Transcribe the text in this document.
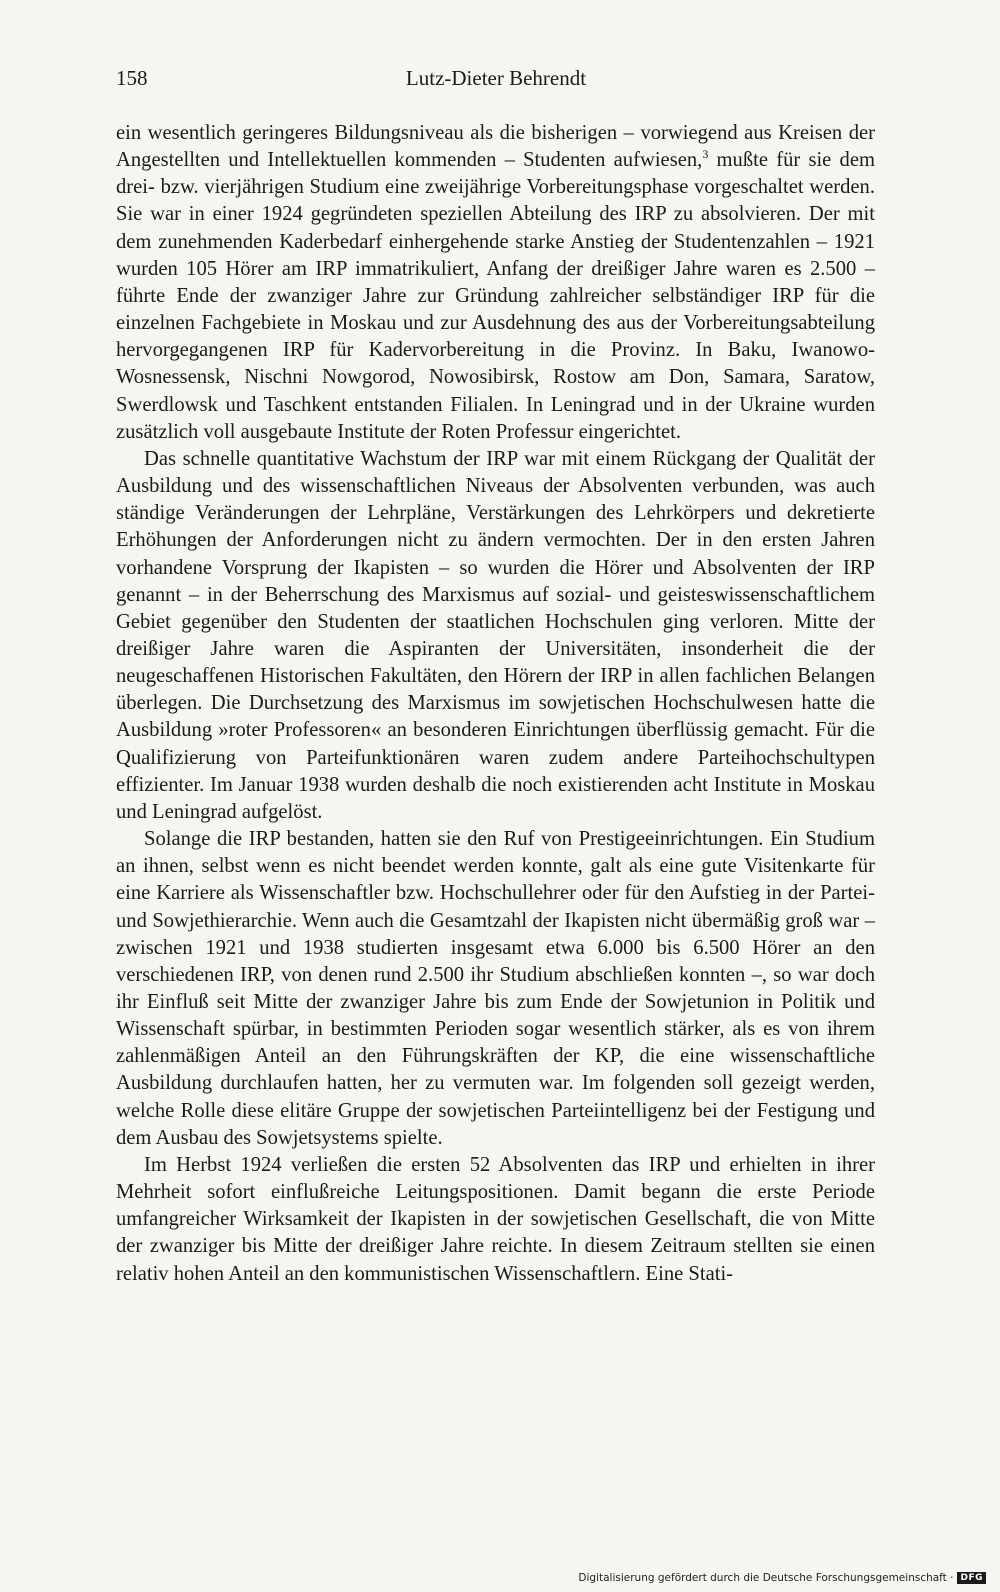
158	Lutz-Dieter Behrendt

ein wesentlich geringeres Bildungsniveau als die bisherigen – vorwiegend aus Kreisen der Angestellten und Intellektuellen kommenden – Studenten aufwiesen,$^3$ mußte für sie dem drei- bzw. vierjährigen Studium eine zweijährige Vorbereitungsphase vorgeschaltet werden. Sie war in einer 1924 gegründeten speziellen Abteilung des IRP zu absolvieren. Der mit dem zunehmenden Kaderbedarf einhergehende starke Anstieg der Studentenzahlen – 1921 wurden 105 Hörer am IRP immatrikuliert, Anfang der dreißiger Jahre waren es 2.500 – führte Ende der zwanziger Jahre zur Gründung zahlreicher selbständiger IRP für die einzelnen Fachgebiete in Moskau und zur Ausdehnung des aus der Vorbereitungsabteilung hervorgegangenen IRP für Kadervorbereitung in die Provinz. In Baku, Iwanowo-Wosnessensk, Nischni Nowgorod, Nowosibirsk, Rostow am Don, Samara, Saratow, Swerdlowsk und Taschkent entstanden Filialen. In Leningrad und in der Ukraine wurden zusätzlich voll ausgebaute Institute der Roten Professur eingerichtet.

Das schnelle quantitative Wachstum der IRP war mit einem Rückgang der Qualität der Ausbildung und des wissenschaftlichen Niveaus der Absolventen verbunden, was auch ständige Veränderungen der Lehrpläne, Verstärkungen des Lehrkörpers und dekretierte Erhöhungen der Anforderungen nicht zu ändern vermochten. Der in den ersten Jahren vorhandene Vorsprung der Ikapisten – so wurden die Hörer und Absolventen der IRP genannt – in der Beherrschung des Marxismus auf sozial- und geisteswissenschaftlichem Gebiet gegenüber den Studenten der staatlichen Hochschulen ging verloren. Mitte der dreißiger Jahre waren die Aspiranten der Universitäten, insonderheit die der neugeschaffenen Historischen Fakultäten, den Hörern der IRP in allen fachlichen Belangen überlegen. Die Durchsetzung des Marxismus im sowjetischen Hochschulwesen hatte die Ausbildung »roter Professoren« an besonderen Einrichtungen überflüssig gemacht. Für die Qualifizierung von Parteifunktionären waren zudem andere Parteihochschultypen effizienter. Im Januar 1938 wurden deshalb die noch existierenden acht Institute in Moskau und Leningrad aufgelöst.

Solange die IRP bestanden, hatten sie den Ruf von Prestigeeinrichtungen. Ein Studium an ihnen, selbst wenn es nicht beendet werden konnte, galt als eine gute Visitenkarte für eine Karriere als Wissenschaftler bzw. Hochschullehrer oder für den Aufstieg in der Partei- und Sowjethierarchie. Wenn auch die Gesamtzahl der Ikapisten nicht übermäßig groß war – zwischen 1921 und 1938 studierten insgesamt etwa 6.000 bis 6.500 Hörer an den verschiedenen IRP, von denen rund 2.500 ihr Studium abschließen konnten –, so war doch ihr Einfluß seit Mitte der zwanziger Jahre bis zum Ende der Sowjetunion in Politik und Wissenschaft spürbar, in bestimmten Perioden sogar wesentlich stärker, als es von ihrem zahlenmäßigen Anteil an den Führungskräften der KP, die eine wissenschaftliche Ausbildung durchlaufen hatten, her zu vermuten war. Im folgenden soll gezeigt werden, welche Rolle diese elitäre Gruppe der sowjetischen Parteiintelligenz bei der Festigung und dem Ausbau des Sowjetsystems spielte.

Im Herbst 1924 verließen die ersten 52 Absolventen das IRP und erhielten in ihrer Mehrheit sofort einflußreiche Leitungspositionen. Damit begann die erste Periode umfangreicher Wirksamkeit der Ikapisten in der sowjetischen Gesellschaft, die von Mitte der zwanziger bis Mitte der dreißiger Jahre reichte. In diesem Zeitraum stellten sie einen relativ hohen Anteil an den kommunistischen Wissenschaftlern. Eine Stati-

Digitalisierung gefördert durch die Deutsche Forschungsgemeinschaft · DFG
